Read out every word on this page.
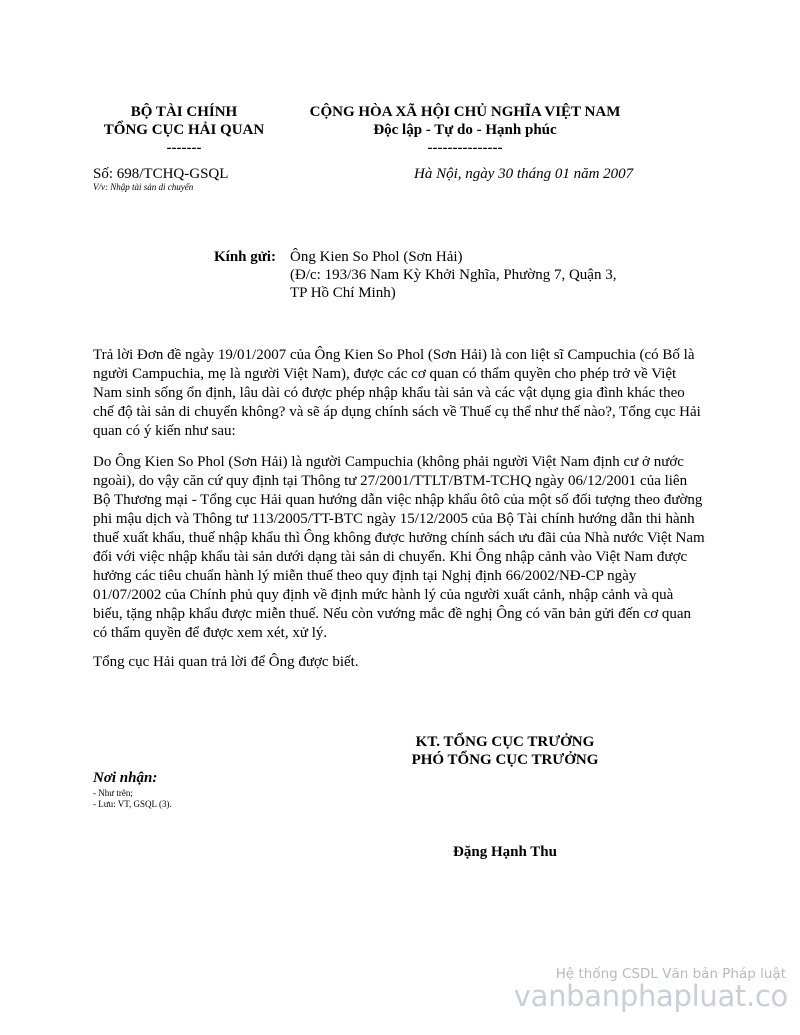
BỘ TÀI CHÍNH
TỔNG CỤC HẢI QUAN
-------
CỘNG HÒA XÃ HỘI CHỦ NGHĨA VIỆT NAM
Độc lập - Tự do - Hạnh phúc
---------------
Số: 698/TCHQ-GSQL
V/v: Nhập tài sản di chuyển
Hà Nội, ngày 30 tháng 01 năm 2007
Kính gửi: Ông Kien So Phol (Sơn Hải)
(Đ/c: 193/36 Nam Kỳ Khởi Nghĩa, Phường 7, Quận 3,
TP Hồ Chí Minh)
Trả lời Đơn đề ngày 19/01/2007 của Ông Kien So Phol (Sơn Hải) là con liệt sĩ Campuchia (có Bố là người Campuchia, mẹ là người Việt Nam), được các cơ quan có thẩm quyền cho phép trở về Việt Nam sinh sống ổn định, lâu dài có được phép nhập khẩu tài sản và các vật dụng gia đình khác theo chế độ tài sản di chuyển không? và sẽ áp dụng chính sách về Thuế cụ thể như thế nào?, Tổng cục Hải quan có ý kiến như sau:
Do Ông Kien So Phol (Sơn Hải) là người Campuchia (không phải người Việt Nam định cư ở nước ngoài), do vậy căn cứ quy định tại Thông tư 27/2001/TTLT/BTM-TCHQ ngày 06/12/2001 của liên Bộ Thương mại - Tổng cục Hải quan hướng dẫn việc nhập khẩu ôtô của một số đối tượng theo đường phi mậu dịch và Thông tư 113/2005/TT-BTC ngày 15/12/2005 của Bộ Tài chính hướng dẫn thi hành thuế xuất khẩu, thuế nhập khẩu thì Ông không được hưởng chính sách ưu đãi của Nhà nước Việt Nam đối với việc nhập khẩu tài sản dưới dạng tài sản di chuyển. Khi Ông nhập cảnh vào Việt Nam được hưởng các tiêu chuẩn hành lý miễn thuế theo quy định tại Nghị định 66/2002/NĐ-CP ngày 01/07/2002 của Chính phủ quy định về định mức hành lý của người xuất cảnh, nhập cảnh và quà biếu, tặng nhập khẩu được miễn thuế. Nếu còn vướng mắc đề nghị Ông có văn bản gửi đến cơ quan có thẩm quyền để được xem xét, xử lý.
Tổng cục Hải quan trả lời để Ông được biết.
KT. TỔNG CỤC TRƯỞNG
PHÓ TỔNG CỤC TRƯỞNG
Đặng Hạnh Thu
Nơi nhận:
- Như trên;
- Lưu: VT, GSQL (3).
Hệ thống CSDL Văn bản Pháp luật
vanbanphapluat.co
